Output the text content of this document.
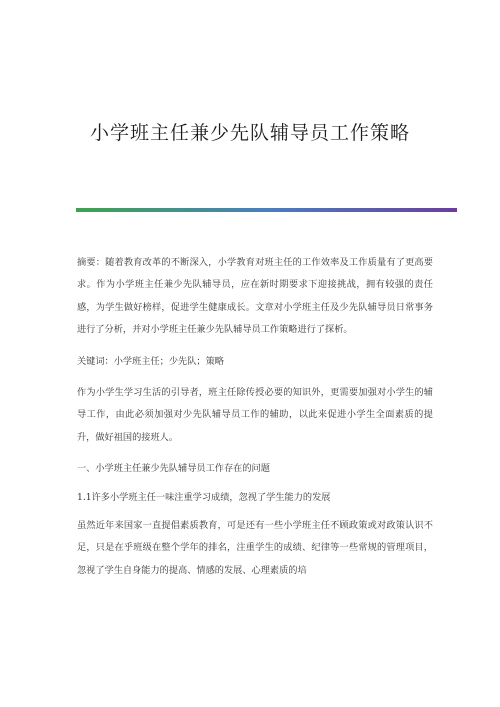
小学班主任兼少先队辅导员工作策略

摘要：随着教育改革的不断深入，小学教育对班主任的工作效率及工作质量有了更高要求。作为小学班主任兼少先队辅导员，应在新时期要求下迎接挑战，拥有较强的责任感，为学生做好榜样，促进学生健康成长。文章对小学班主任及少先队辅导员日常事务进行了分析，并对小学班主任兼少先队辅导员工作策略进行了探析。

关键词：小学班主任；少先队；策略

作为小学生学习生活的引导者，班主任除传授必要的知识外，更需要加强对小学生的辅导工作，由此必须加强对少先队辅导员工作的辅助，以此来促进小学生全面素质的提升，做好祖国的接班人。

一、小学班主任兼少先队辅导员工作存在的问题

1.1许多小学班主任一味注重学习成绩，忽视了学生能力的发展

虽然近年来国家一直提倡素质教育，可是还有一些小学班主任不顾政策或对政策认识不足，只是在乎班级在整个学年的排名，注重学生的成绩、纪律等一些常规的管理项目，忽视了学生自身能力的提高、情感的发展、心理素质的培
